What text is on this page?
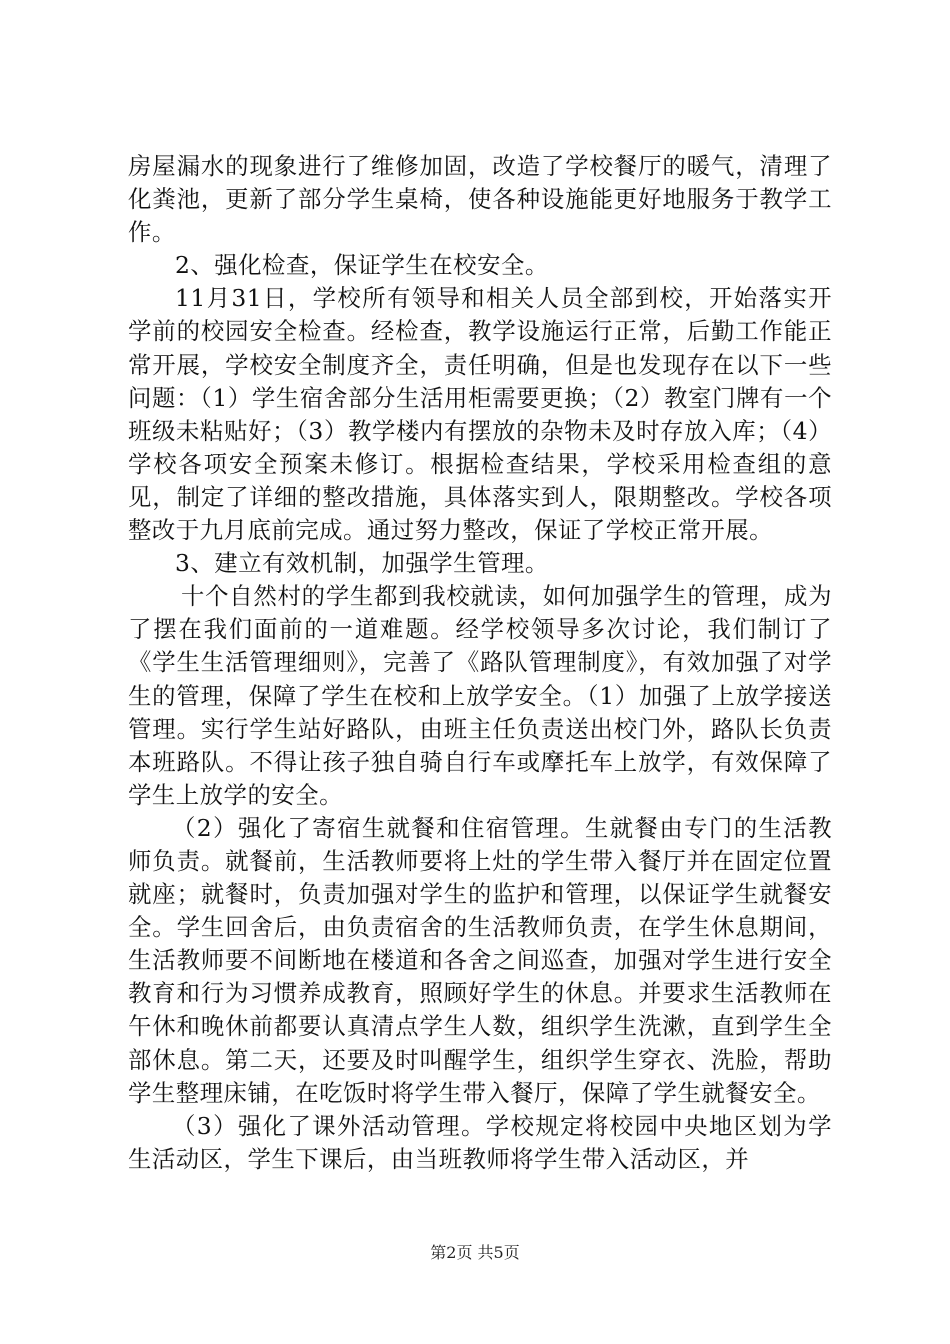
房屋漏水的现象进行了维修加固，改造了学校餐厅的暖气，清理了化粪池，更新了部分学生桌椅，使各种设施能更好地服务于教学工作。

2、强化检查，保证学生在校安全。

11月31日，学校所有领导和相关人员全部到校，开始落实开学前的校园安全检查。经检查，教学设施运行正常，后勤工作能正常开展，学校安全制度齐全，责任明确，但是也发现存在以下一些问题：（1）学生宿舍部分生活用柜需要更换；（2）教室门牌有一个班级未粘贴好；（3）教学楼内有摆放的杂物未及时存放入库；（4）学校各项安全预案未修订。根据检查结果，学校采用检查组的意见，制定了详细的整改措施，具体落实到人，限期整改。学校各项整改于九月底前完成。通过努力整改，保证了学校正常开展。

3、建立有效机制，加强学生管理。

十个自然村的学生都到我校就读，如何加强学生的管理，成为了摆在我们面前的一道难题。经学校领导多次讨论，我们制订了《学生生活管理细则》，完善了《路队管理制度》，有效加强了对学生的管理，保障了学生在校和上放学安全。（1）加强了上放学接送管理。实行学生站好路队，由班主任负责送出校门外，路队长负责本班路队。不得让孩子独自骑自行车或摩托车上放学，有效保障了学生上放学的安全。

（2）强化了寄宿生就餐和住宿管理。生就餐由专门的生活教师负责。就餐前，生活教师要将上灶的学生带入餐厅并在固定位置就座；就餐时，负责加强对学生的监护和管理，以保证学生就餐安全。学生回舍后，由负责宿舍的生活教师负责，在学生休息期间，生活教师要不间断地在楼道和各舍之间巡查，加强对学生进行安全教育和行为习惯养成教育，照顾好学生的休息。并要求生活教师在午休和晚休前都要认真清点学生人数，组织学生洗漱，直到学生全部休息。第二天，还要及时叫醒学生，组织学生穿衣、洗脸，帮助学生整理床铺，在吃饭时将学生带入餐厅，保障了学生就餐安全。

（3）强化了课外活动管理。学校规定将校园中央地区划为学生活动区，学生下课后，由当班教师将学生带入活动区，并

第2页 共5页
